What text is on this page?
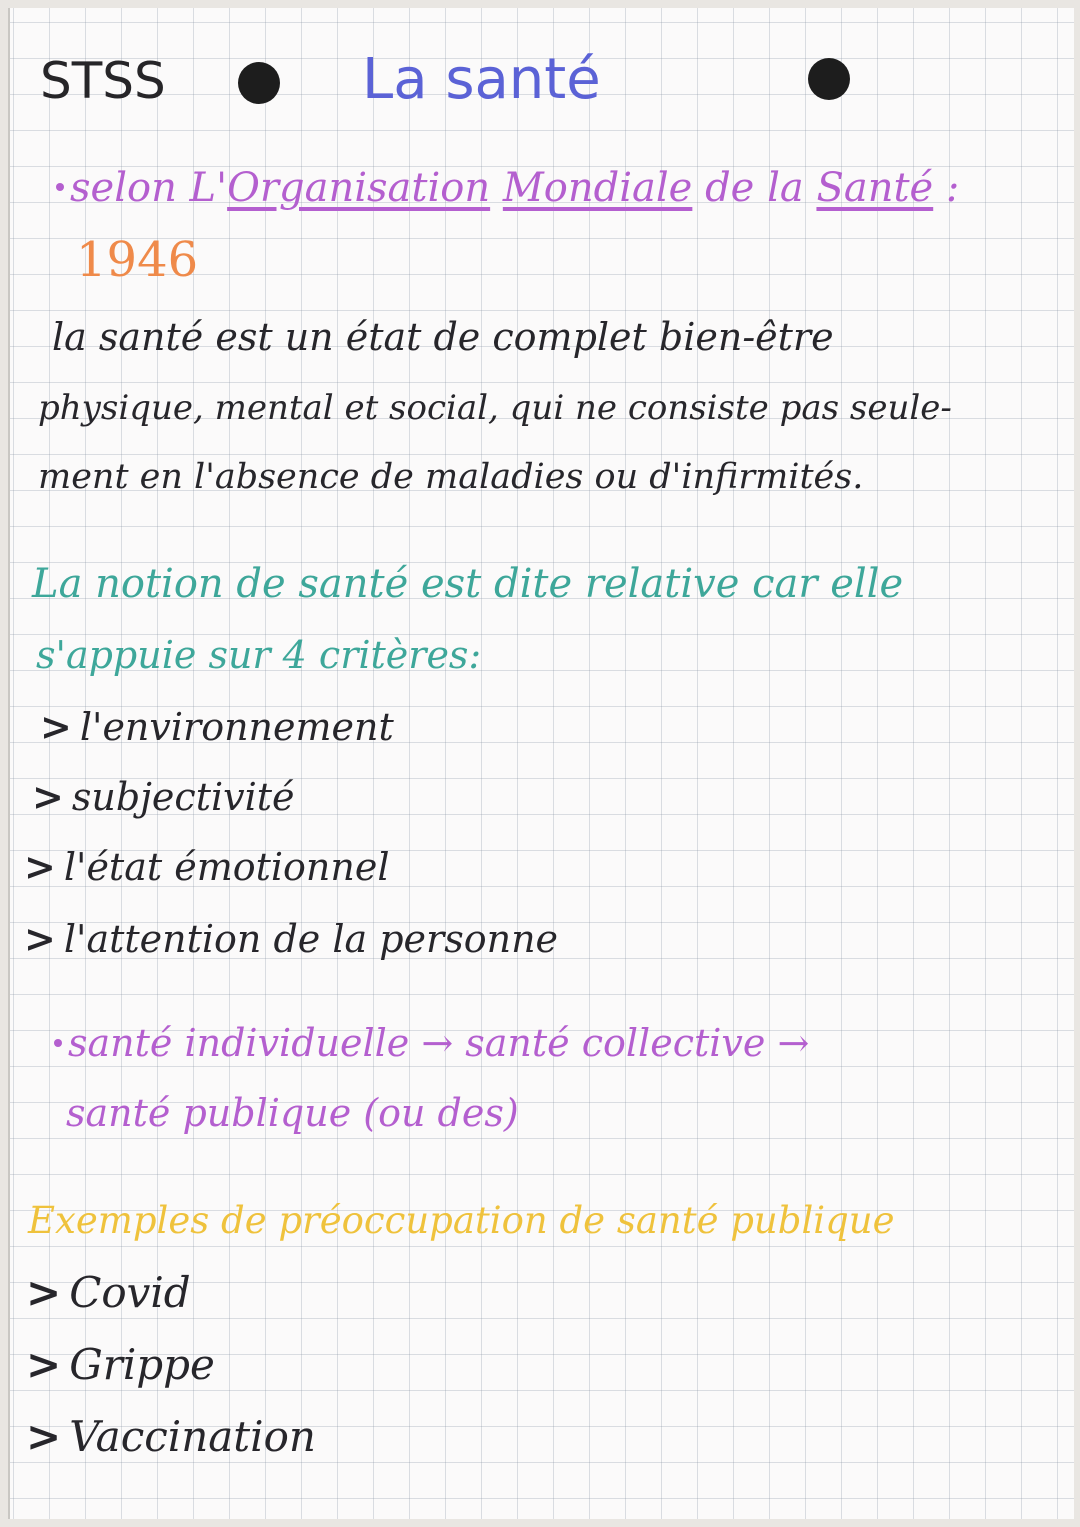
STSS	La santé
selon L'Organisation Mondiale de la Santé :
1946
la santé est un état de complet bien-être
physique, mental et social, qui ne consiste pas seule-
ment en l'absence de maladies ou d'infirmités.
La notion de santé est dite relative car elle
s'appuie sur 4 critères:
> l'environnement
> subjectivité
> l'état émotionnel
> l'attention de la personne
santé individuelle → santé collective →
santé publique (ou des)
Exemples de préoccupation de santé publique
> Covid
> Grippe
> Vaccination
